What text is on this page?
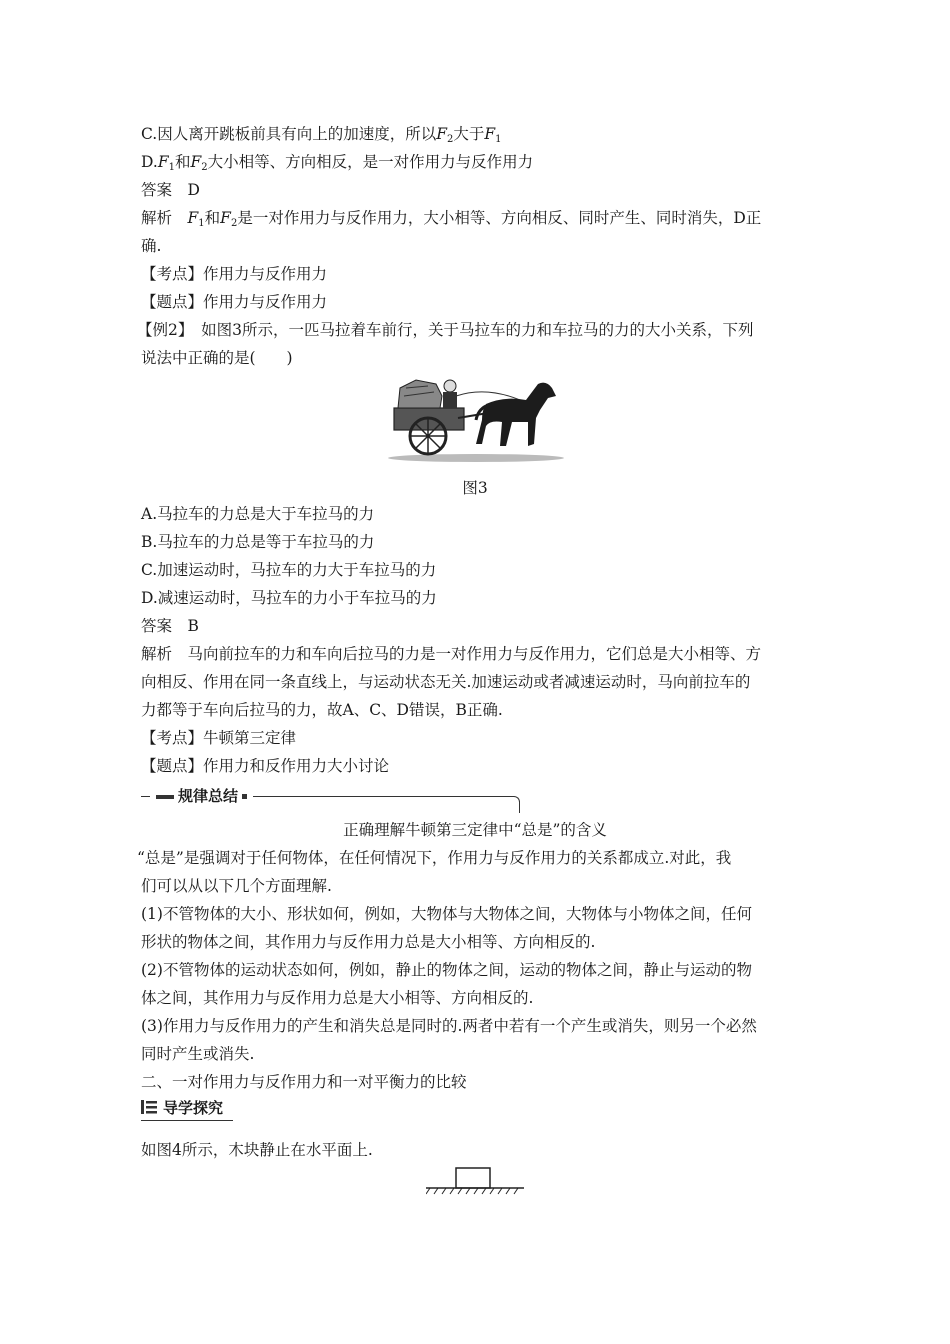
C.因人离开跳板前具有向上的加速度，所以$F_2$大于$F_1$
$D.F_1$和$F_2$大小相等、方向相反，是一对作用力与反作用力
答案　D
解析　$F_1$和$F_2$是一对作用力与反作用力，大小相等、方向相反、同时产生、同时消失，D正
确.
【考点】作用力与反作用力
【题点】作用力与反作用力
【例2】　如图3所示，一匹马拉着车前行，关于马拉车的力和车拉马的力的大小关系，下列
说法中正确的是(　　)
图3
A.马拉车的力总是大于车拉马的力
B.马拉车的力总是等于车拉马的力
C.加速运动时，马拉车的力大于车拉马的力
D.减速运动时，马拉车的力小于车拉马的力
答案　B
解析　马向前拉车的力和车向后拉马的力是一对作用力与反作用力，它们总是大小相等、方
向相反、作用在同一条直线上，与运动状态无关.加速运动或者减速运动时，马向前拉车的
力都等于车向后拉马的力，故A、C、D错误，B正确.
【考点】牛顿第三定律
【题点】作用力和反作用力大小讨论
规律总结
正确理解牛顿第三定律中“总是”的含义
“总是”是强调对于任何物体，在任何情况下，作用力与反作用力的关系都成立.对此，我
们可以从以下几个方面理解.
(1)不管物体的大小、形状如何，例如，大物体与大物体之间，大物体与小物体之间，任何
形状的物体之间，其作用力与反作用力总是大小相等、方向相反的.
(2)不管物体的运动状态如何，例如，静止的物体之间，运动的物体之间，静止与运动的物
体之间，其作用力与反作用力总是大小相等、方向相反的.
(3)作用力与反作用力的产生和消失总是同时的.两者中若有一个产生或消失，则另一个必然
同时产生或消失.
二、一对作用力与反作用力和一对平衡力的比较
导学探究
如图4所示，木块静止在水平面上.
